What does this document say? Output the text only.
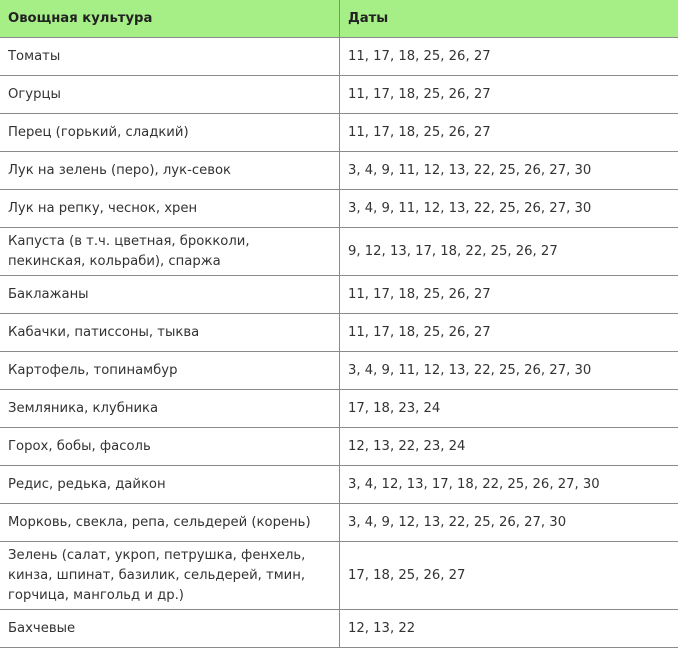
Овощная культура	Даты
Томаты	11, 17, 18, 25, 26, 27
Огурцы	11, 17, 18, 25, 26, 27
Перец (горький, сладкий)	11, 17, 18, 25, 26, 27
Лук на зелень (перо), лук-севок	3, 4, 9, 11, 12, 13, 22, 25, 26, 27, 30
Лук на репку, чеснок, хрен	3, 4, 9, 11, 12, 13, 22, 25, 26, 27, 30
Капуста (в т.ч. цветная, брокколи, пекинская, кольраби), спаржа	9, 12, 13, 17, 18, 22, 25, 26, 27
Баклажаны	11, 17, 18, 25, 26, 27
Кабачки, патиссоны, тыква	11, 17, 18, 25, 26, 27
Картофель, топинамбур	3, 4, 9, 11, 12, 13, 22, 25, 26, 27, 30
Земляника, клубника	17, 18, 23, 24
Горох, бобы, фасоль	12, 13, 22, 23, 24
Редис, редька, дайкон	3, 4, 12, 13, 17, 18, 22, 25, 26, 27, 30
Морковь, свекла, репа, сельдерей (корень)	3, 4, 9, 12, 13, 22, 25, 26, 27, 30
Зелень (салат, укроп, петрушка, фенхель, кинза, шпинат, базилик, сельдерей, тмин, горчица, мангольд и др.)	17, 18, 25, 26, 27
Бахчевые	12, 13, 22
